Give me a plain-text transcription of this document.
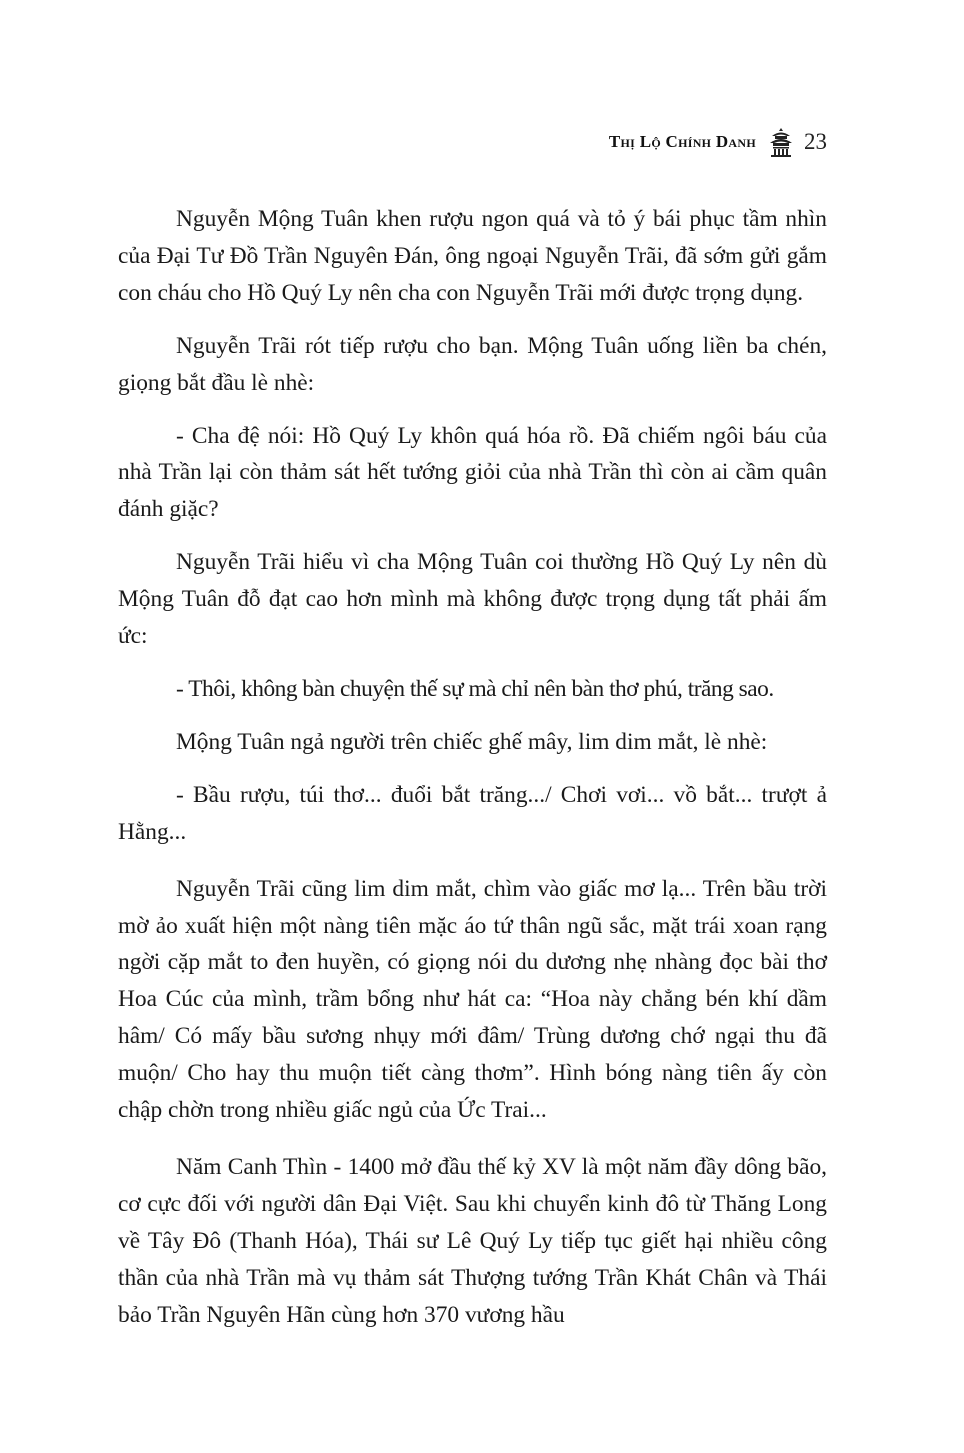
Thị Lộ Chính Danh 23

Nguyễn Mộng Tuân khen rượu ngon quá và tỏ ý bái phục tầm nhìn của Đại Tư Đồ Trần Nguyên Đán, ông ngoại Nguyễn Trãi, đã sớm gửi gắm con cháu cho Hồ Quý Ly nên cha con Nguyễn Trãi mới được trọng dụng.

Nguyễn Trãi rót tiếp rượu cho bạn. Mộng Tuân uống liền ba chén, giọng bắt đầu lè nhè:

- Cha đệ nói: Hồ Quý Ly khôn quá hóa rồ. Đã chiếm ngôi báu của nhà Trần lại còn thảm sát hết tướng giỏi của nhà Trần thì còn ai cầm quân đánh giặc?

Nguyễn Trãi hiểu vì cha Mộng Tuân coi thường Hồ Quý Ly nên dù Mộng Tuân đỗ đạt cao hơn mình mà không được trọng dụng tất phải ấm ức:

- Thôi, không bàn chuyện thế sự mà chỉ nên bàn thơ phú, trăng sao.

Mộng Tuân ngả người trên chiếc ghế mây, lim dim mắt, lè nhè:

- Bầu rượu, túi thơ... đuổi bắt trăng.../ Chơi vơi... vồ bắt... trượt ả Hằng...

Nguyễn Trãi cũng lim dim mắt, chìm vào giấc mơ lạ... Trên bầu trời mờ ảo xuất hiện một nàng tiên mặc áo tứ thân ngũ sắc, mặt trái xoan rạng ngời cặp mắt to đen huyền, có giọng nói du dương nhẹ nhàng đọc bài thơ Hoa Cúc của mình, trầm bổng như hát ca: “Hoa này chẳng bén khí dầm hâm/ Có mấy bầu sương nhụy mới đâm/ Trùng dương chớ ngại thu đã muộn/ Cho hay thu muộn tiết càng thơm”. Hình bóng nàng tiên ấy còn chập chờn trong nhiều giấc ngủ của Ức Trai...

Năm Canh Thìn - 1400 mở đầu thế kỷ XV là một năm đầy dông bão, cơ cực đối với người dân Đại Việt. Sau khi chuyển kinh đô từ Thăng Long về Tây Đô (Thanh Hóa), Thái sư Lê Quý Ly tiếp tục giết hại nhiều công thần của nhà Trần mà vụ thảm sát Thượng tướng Trần Khát Chân và Thái bảo Trần Nguyên Hãn cùng hơn 370 vương hầu
